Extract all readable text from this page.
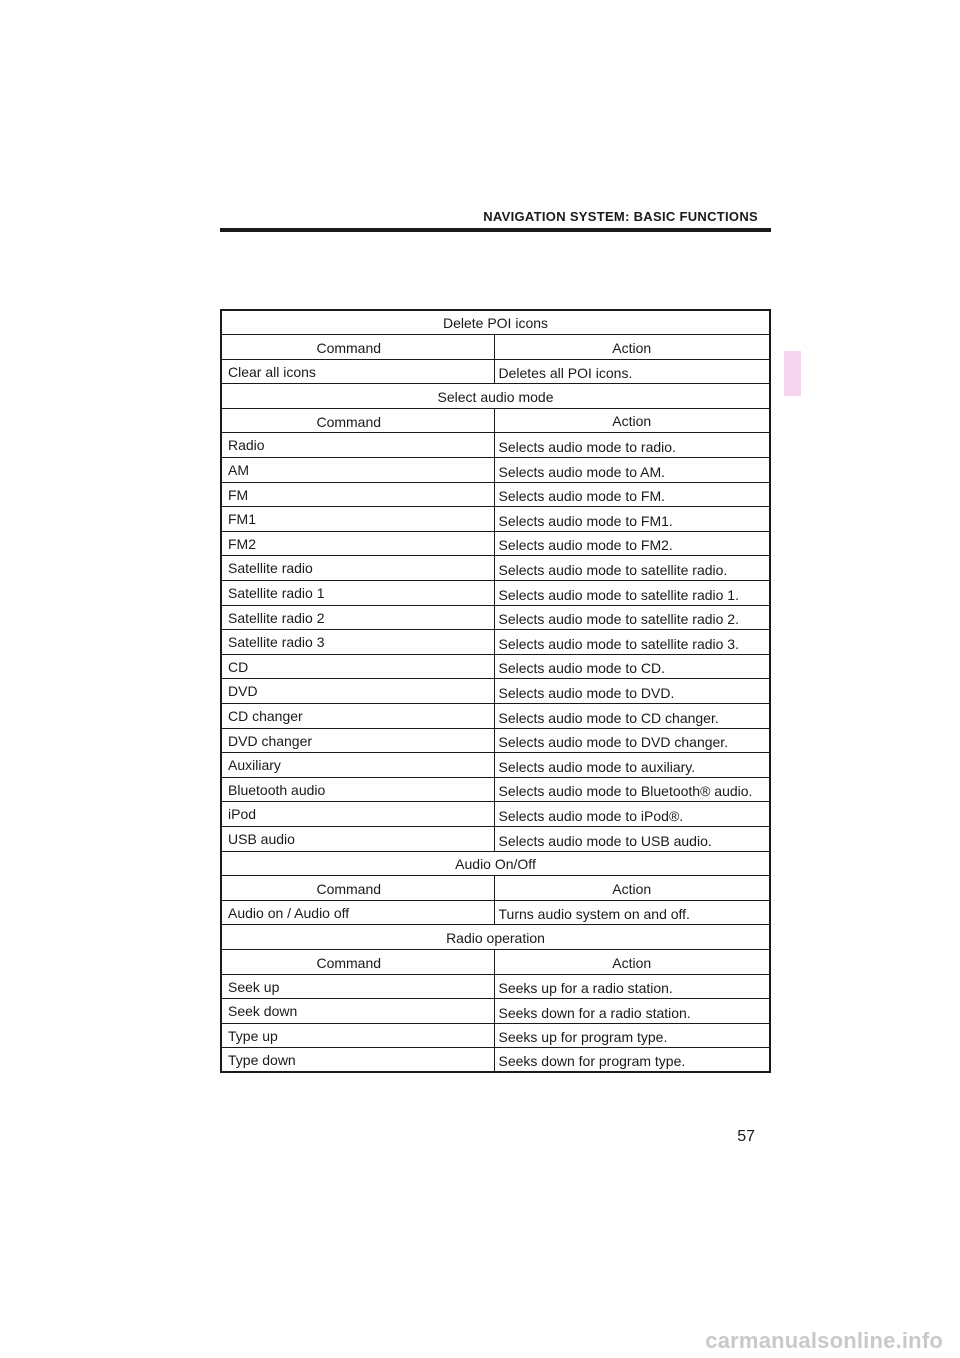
NAVIGATION SYSTEM: BASIC FUNCTIONS
Delete POI icons	
Command	Action
Clear all icons	Deletes all POI icons.
Select audio mode	
Command	Action
Radio	Selects audio mode to radio.
AM	Selects audio mode to AM.
FM	Selects audio mode to FM.
FM1	Selects audio mode to FM1.
FM2	Selects audio mode to FM2.
Satellite radio	Selects audio mode to satellite radio.
Satellite radio 1	Selects audio mode to satellite radio 1.
Satellite radio 2	Selects audio mode to satellite radio 2.
Satellite radio 3	Selects audio mode to satellite radio 3.
CD	Selects audio mode to CD.
DVD	Selects audio mode to DVD.
CD changer	Selects audio mode to CD changer.
DVD changer	Selects audio mode to DVD changer.
Auxiliary	Selects audio mode to auxiliary.
Bluetooth audio	Selects audio mode to Bluetooth® audio.
iPod	Selects audio mode to iPod®.
USB audio	Selects audio mode to USB audio.
Audio On/Off	
Command	Action
Audio on / Audio off	Turns audio system on and off.
Radio operation	
Command	Action
Seek up	Seeks up for a radio station.
Seek down	Seeks down for a radio station.
Type up	Seeks up for program type.
Type down	Seeks down for program type.
57
carmanualsonline.info
